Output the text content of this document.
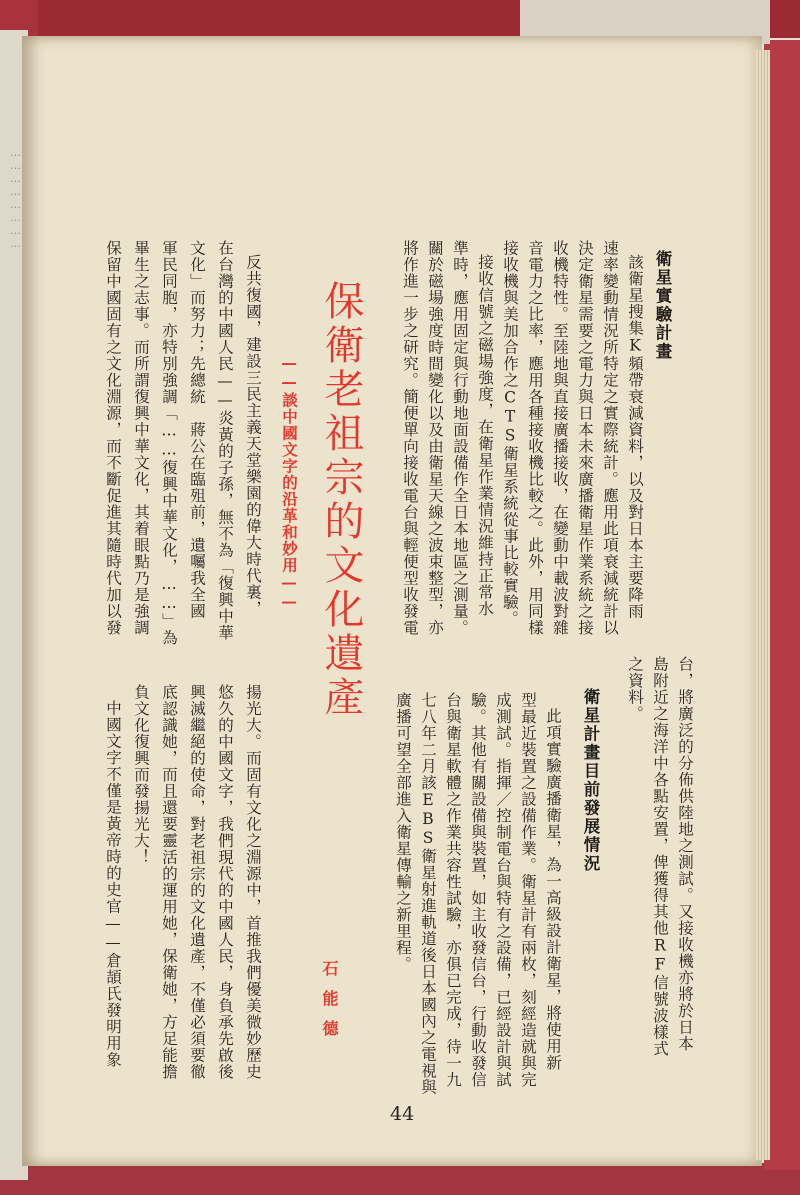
……………………
衛星實驗計畫
該衛星搜集K頻帶衰減資料，以及對日本主要降雨
速率變動情況所特定之實際統計。應用此項衰減統計以
決定衛星需要之電力與日本未來廣播衛星作業系統之接
收機特性。至陸地與直接廣播接收，在變動中載波對雜
音電力之比率，應用各種接收機比較之。此外，用同樣
接收機與美加合作之CTS衛星系統從事比較實驗。
接收信號之磁場強度，在衛星作業情況維持正常水
準時，應用固定與行動地面設備作全日本地區之測量。
關於磁場強度時間變化以及由衛星天線之波束整型，亦
將作進一步之研究。簡便單向接收電台與輕便型收發電
台，將廣泛的分佈供陸地之測試。又接收機亦將於日本
島附近之海洋中各點安置，俾獲得其他RF信號波樣式
之資料。
衛星計畫目前發展情況
此項實驗廣播衛星，為一高級設計衛星，將使用新
型最近裝置之設備作業。衛星計有兩枚，刻經造就與完
成測試。指揮／控制電台與特有之設備，已經設計與試
驗。其他有關設備與裝置，如主收發信台，行動收發信
台與衛星軟體之作業共容性試驗，亦俱已完成，待一九
七八年二月該EBS衛星射進軌道後日本國內之電視與
廣播可望全部進入衛星傳輸之新里程。
保衛老祖宗的文化遺產
——談中國文字的沿革和妙用——
石能德
反共復國，建設三民主義天堂樂園的偉大時代裏，
在台灣的中國人民——炎黃的子孫，無不為「復興中華
文化」而努力；先總統　蔣公在臨殂前，遺囑我全國
軍民同胞，亦特別強調「……復興中華文化，……」為
畢生之志事。而所謂復興中華文化，其着眼點乃是強調
保留中國固有之文化淵源，而不斷促進其隨時代加以發
揚光大。而固有文化之淵源中，首推我們優美微妙歷史
悠久的中國文字，我們現代的中國人民，身負承先啟後
興滅繼絕的使命，對老祖宗的文化遺產，不僅必須要徹
底認識她，而且還要靈活的運用她，保衛她，方足能擔
負文化復興而發揚光大！
中國文字不僅是黃帝時的史官——倉頡氏發明用象
44
